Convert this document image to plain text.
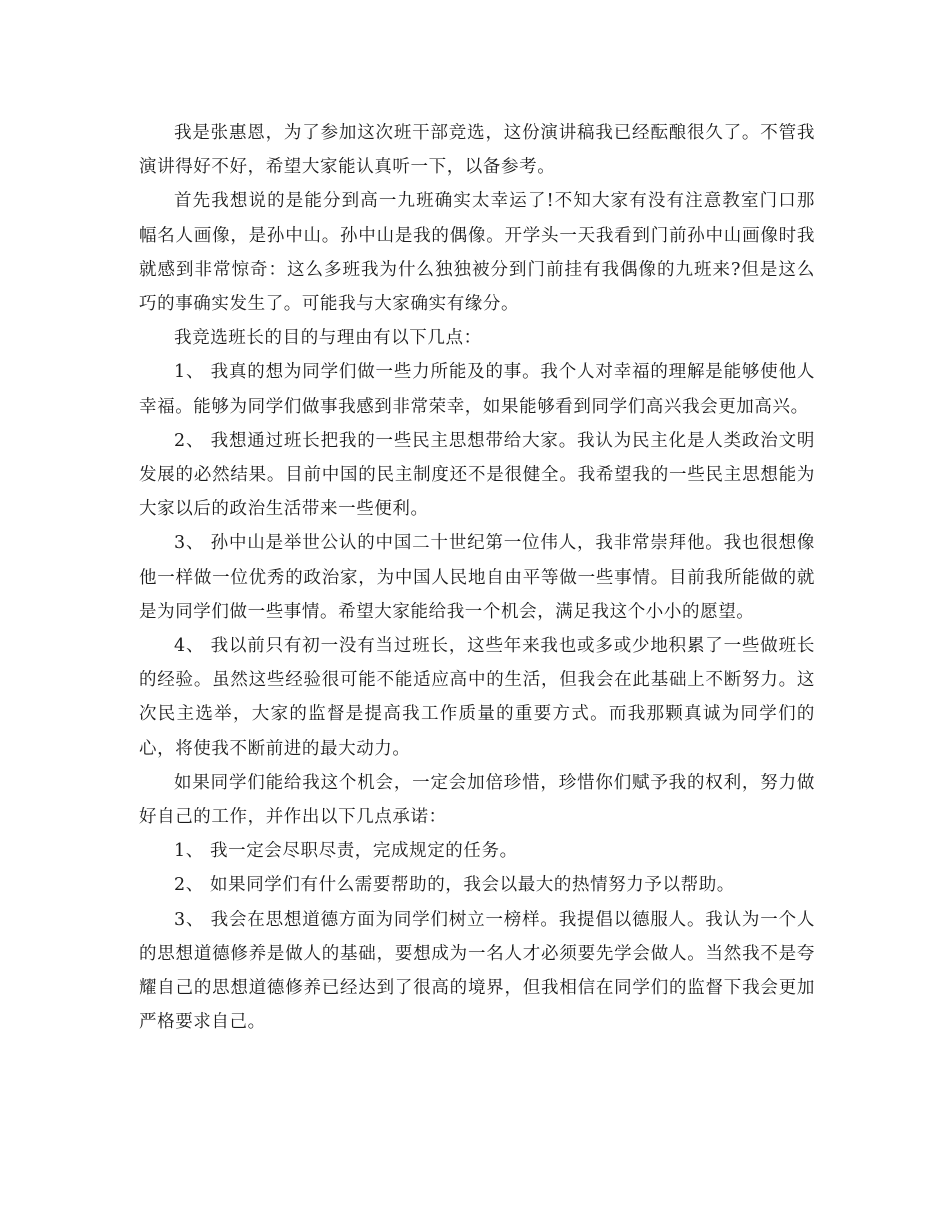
我是张惠恩，为了参加这次班干部竞选，这份演讲稿我已经酝酿很久了。不管我演讲得好不好，希望大家能认真听一下，以备参考。

首先我想说的是能分到高一九班确实太幸运了!不知大家有没有注意教室门口那幅名人画像，是孙中山。孙中山是我的偶像。开学头一天我看到门前孙中山画像时我就感到非常惊奇：这么多班我为什么独独被分到门前挂有我偶像的九班来?但是这么巧的事确实发生了。可能我与大家确实有缘分。

我竞选班长的目的与理由有以下几点：

1、 我真的想为同学们做一些力所能及的事。我个人对幸福的理解是能够使他人幸福。能够为同学们做事我感到非常荣幸，如果能够看到同学们高兴我会更加高兴。

2、 我想通过班长把我的一些民主思想带给大家。我认为民主化是人类政治文明发展的必然结果。目前中国的民主制度还不是很健全。我希望我的一些民主思想能为大家以后的政治生活带来一些便利。

3、 孙中山是举世公认的中国二十世纪第一位伟人，我非常崇拜他。我也很想像他一样做一位优秀的政治家，为中国人民地自由平等做一些事情。目前我所能做的就是为同学们做一些事情。希望大家能给我一个机会，满足我这个小小的愿望。

4、 我以前只有初一没有当过班长，这些年来我也或多或少地积累了一些做班长的经验。虽然这些经验很可能不能适应高中的生活，但我会在此基础上不断努力。这次民主选举，大家的监督是提高我工作质量的重要方式。而我那颗真诚为同学们的心，将使我不断前进的最大动力。

如果同学们能给我这个机会，一定会加倍珍惜，珍惜你们赋予我的权利，努力做好自己的工作，并作出以下几点承诺：

1、 我一定会尽职尽责，完成规定的任务。

2、 如果同学们有什么需要帮助的，我会以最大的热情努力予以帮助。

3、 我会在思想道德方面为同学们树立一榜样。我提倡以德服人。我认为一个人的思想道德修养是做人的基础，要想成为一名人才必须要先学会做人。当然我不是夸耀自己的思想道德修养已经达到了很高的境界，但我相信在同学们的监督下我会更加严格要求自己。
